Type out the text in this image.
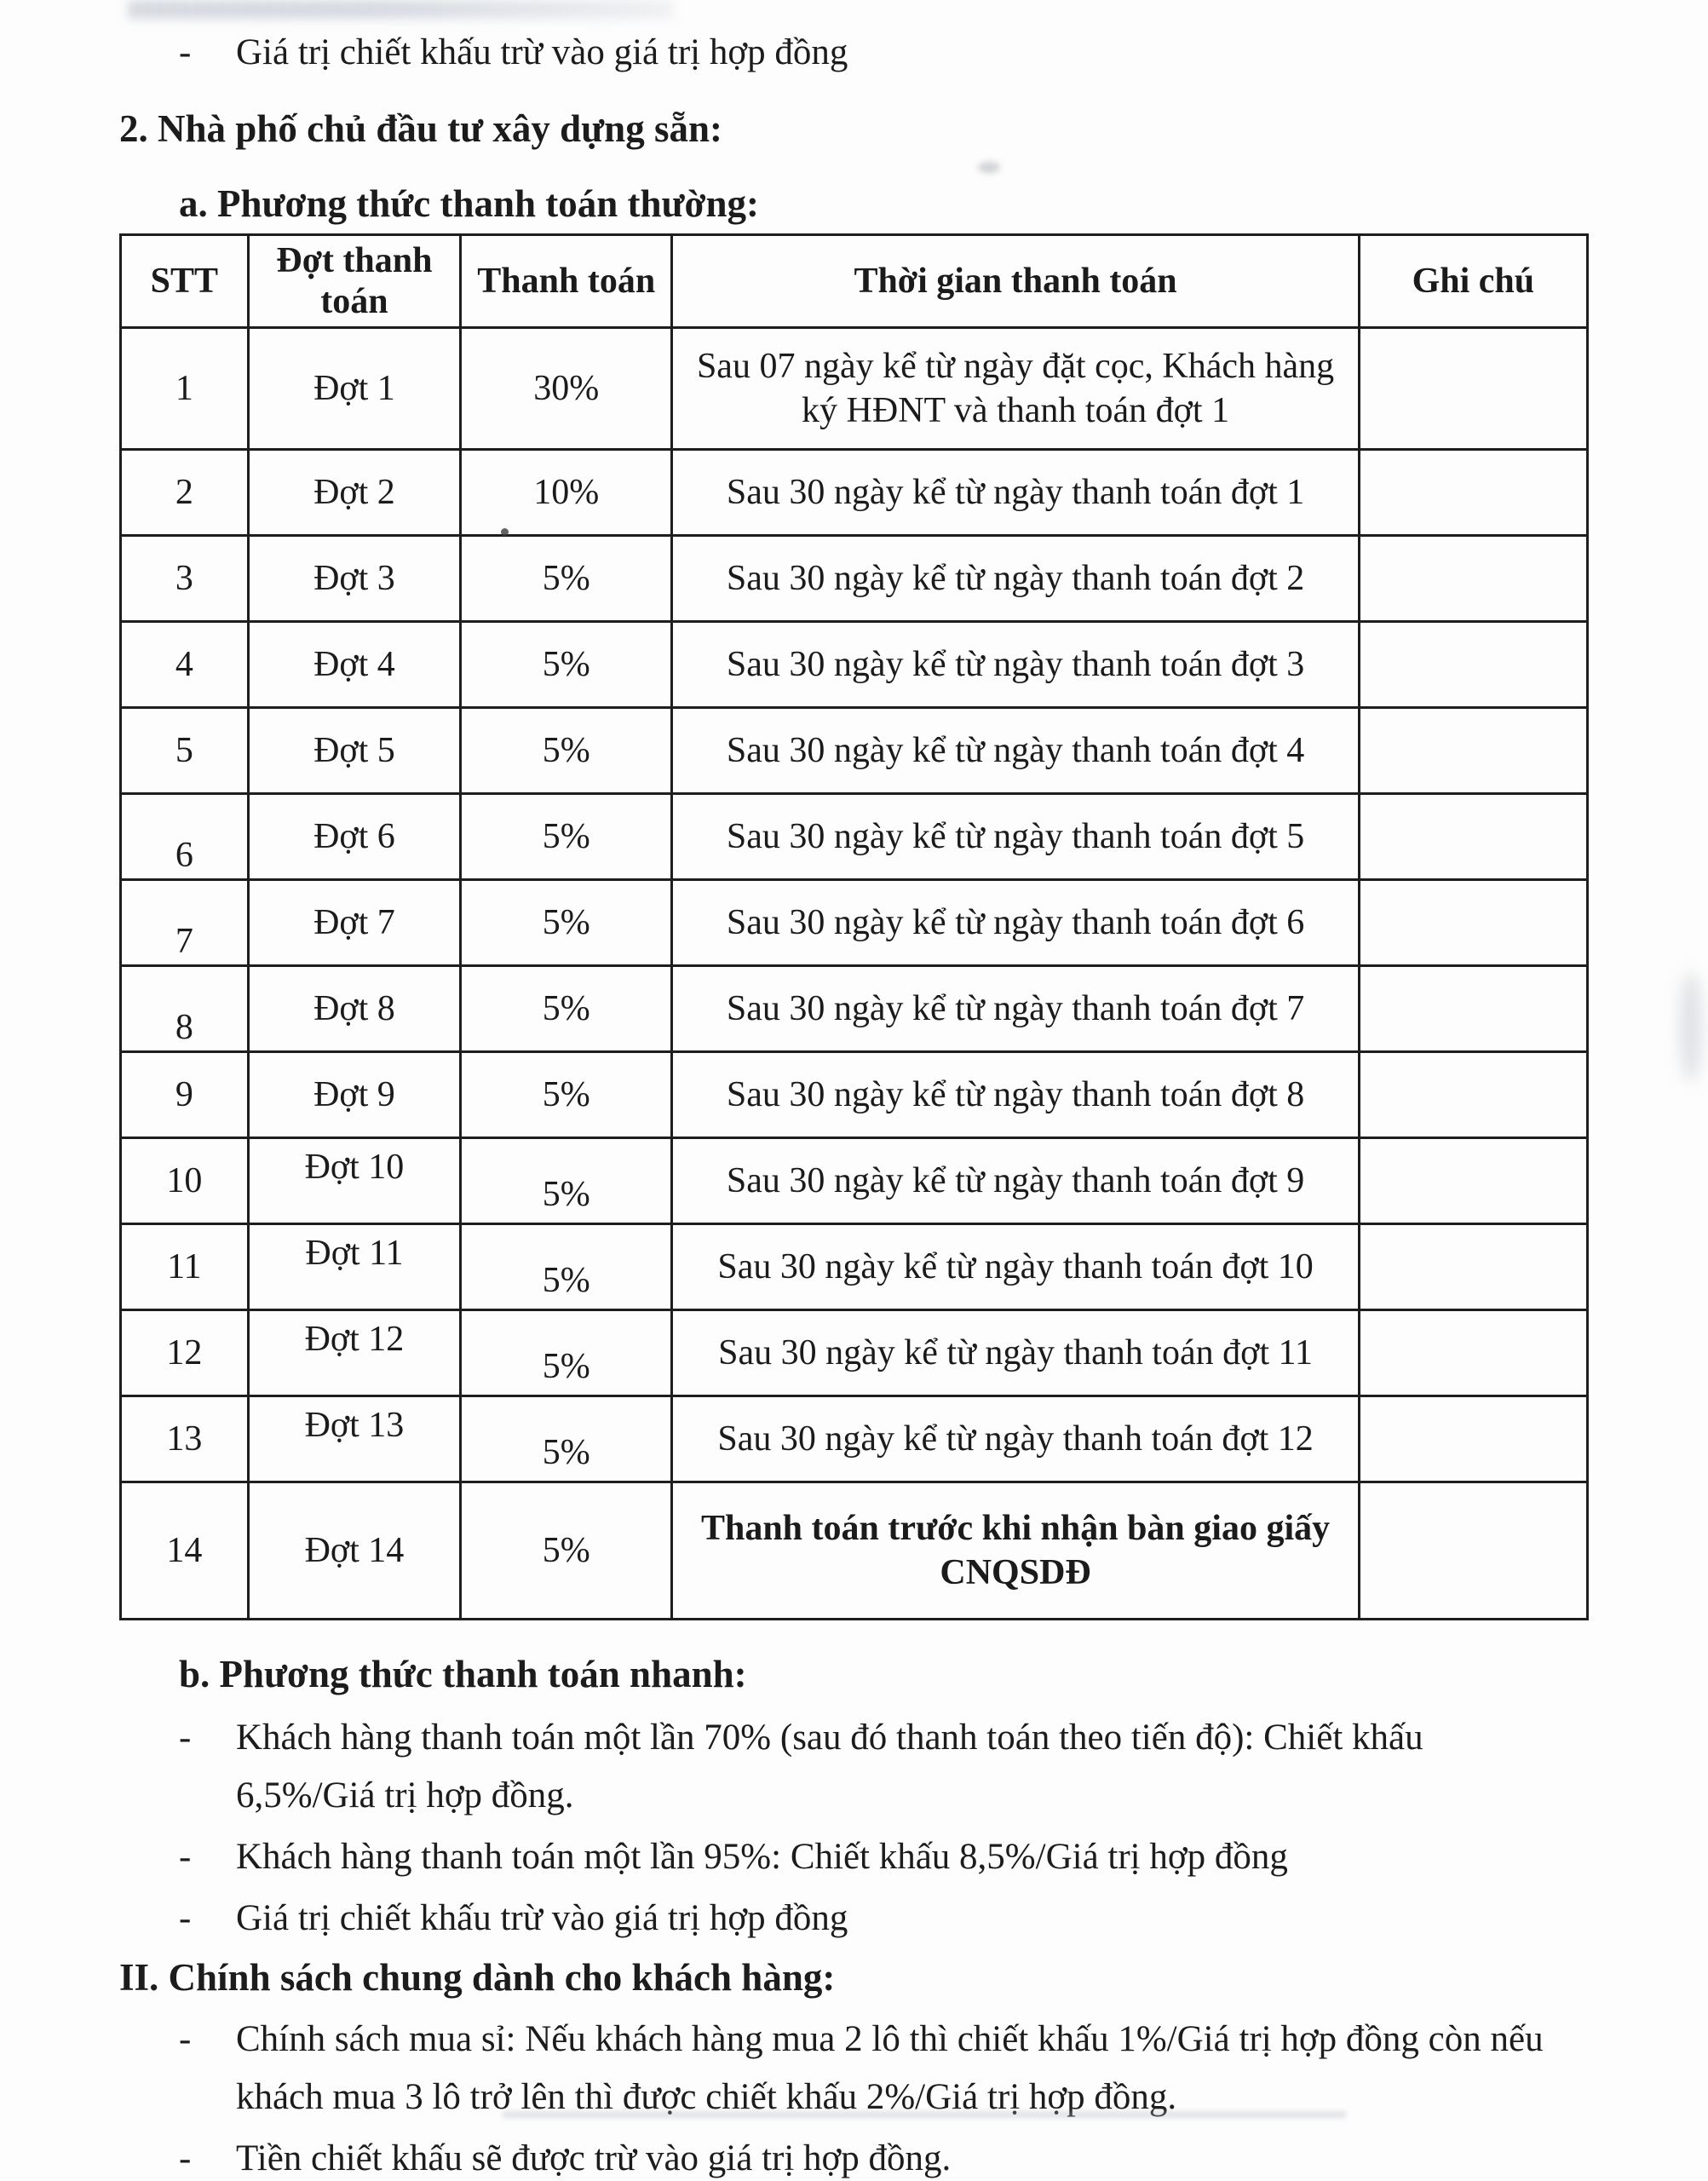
-	Giá trị chiết khấu trừ vào giá trị hợp đồng
2. Nhà phố chủ đầu tư xây dựng sẵn:
a. Phương thức thanh toán thường:
STT	Đợt thanh toán	Thanh toán	Thời gian thanh toán	Ghi chú
1	Đợt 1	30%	Sau 07 ngày kể từ ngày đặt cọc, Khách hàng ký HĐNT và thanh toán đợt 1	
2	Đợt 2	10%	Sau 30 ngày kể từ ngày thanh toán đợt 1	
3	Đợt 3	5%	Sau 30 ngày kể từ ngày thanh toán đợt 2	
4	Đợt 4	5%	Sau 30 ngày kể từ ngày thanh toán đợt 3	
5	Đợt 5	5%	Sau 30 ngày kể từ ngày thanh toán đợt 4	
6	Đợt 6	5%	Sau 30 ngày kể từ ngày thanh toán đợt 5	
7	Đợt 7	5%	Sau 30 ngày kể từ ngày thanh toán đợt 6	
8	Đợt 8	5%	Sau 30 ngày kể từ ngày thanh toán đợt 7	
9	Đợt 9	5%	Sau 30 ngày kể từ ngày thanh toán đợt 8	
10	Đợt 10	5%	Sau 30 ngày kể từ ngày thanh toán đợt 9	
11	Đợt 11	5%	Sau 30 ngày kể từ ngày thanh toán đợt 10	
12	Đợt 12	5%	Sau 30 ngày kể từ ngày thanh toán đợt 11	
13	Đợt 13	5%	Sau 30 ngày kể từ ngày thanh toán đợt 12	
14	Đợt 14	5%	Thanh toán trước khi nhận bàn giao giấy CNQSDĐ	
b. Phương thức thanh toán nhanh:
-	Khách hàng thanh toán một lần 70% (sau đó thanh toán theo tiến độ): Chiết khấu 6,5%/Giá trị hợp đồng.
-	Khách hàng thanh toán một lần 95%: Chiết khấu 8,5%/Giá trị hợp đồng
-	Giá trị chiết khấu trừ vào giá trị hợp đồng
II. Chính sách chung dành cho khách hàng:
-	Chính sách mua sỉ: Nếu khách hàng mua 2 lô thì chiết khấu 1%/Giá trị hợp đồng còn nếu khách mua 3 lô trở lên thì được chiết khấu 2%/Giá trị hợp đồng.
-	Tiền chiết khấu sẽ được trừ vào giá trị hợp đồng.
